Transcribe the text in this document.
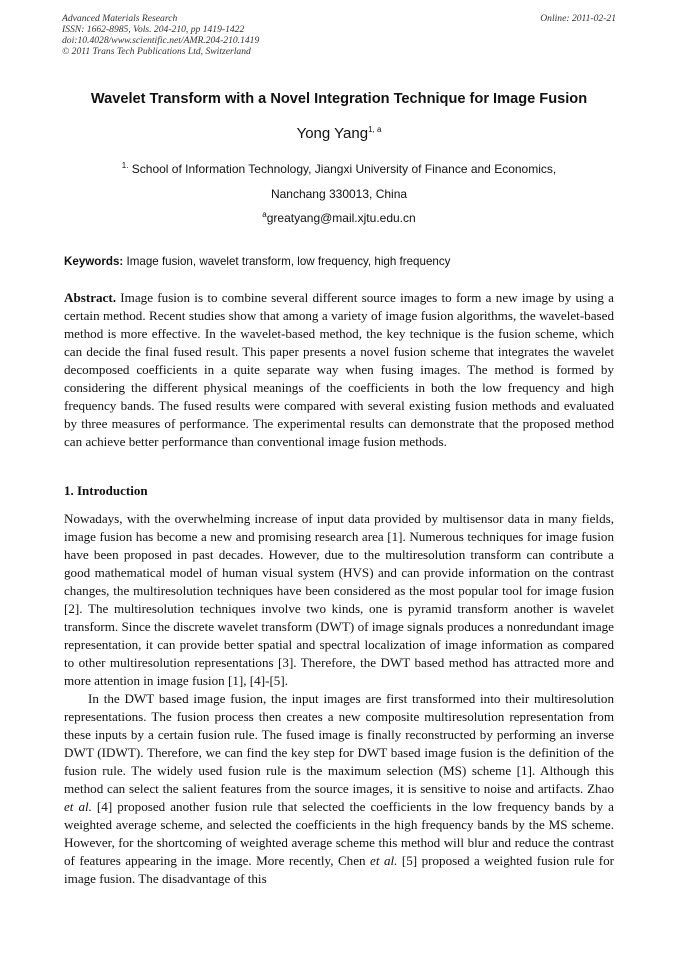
Advanced Materials Research
ISSN: 1662-8985, Vols. 204-210, pp 1419-1422
doi:10.4028/www.scientific.net/AMR.204-210.1419
© 2011 Trans Tech Publications Ltd, Switzerland
Online: 2011-02-21
Wavelet Transform with a Novel Integration Technique for Image Fusion
Yong Yang$^{1, a}$
$^{1.}$ School of Information Technology, Jiangxi University of Finance and Economics,
Nanchang 330013, China
$^a$greatyang@mail.xjtu.edu.cn
Keywords: Image fusion, wavelet transform, low frequency, high frequency

Abstract. Image fusion is to combine several different source images to form a new image by using a certain method. Recent studies show that among a variety of image fusion algorithms, the wavelet-based method is more effective. In the wavelet-based method, the key technique is the fusion scheme, which can decide the final fused result. This paper presents a novel fusion scheme that integrates the wavelet decomposed coefficients in a quite separate way when fusing images. The method is formed by considering the different physical meanings of the coefficients in both the low frequency and high frequency bands. The fused results were compared with several existing fusion methods and evaluated by three measures of performance. The experimental results can demonstrate that the proposed method can achieve better performance than conventional image fusion methods.

1. Introduction

Nowadays, with the overwhelming increase of input data provided by multisensor data in many fields, image fusion has become a new and promising research area [1]. Numerous techniques for image fusion have been proposed in past decades. However, due to the multiresolution transform can contribute a good mathematical model of human visual system (HVS) and can provide information on the contrast changes, the multiresolution techniques have been considered as the most popular tool for image fusion [2]. The multiresolution techniques involve two kinds, one is pyramid transform another is wavelet transform. Since the discrete wavelet transform (DWT) of image signals produces a nonredundant image representation, it can provide better spatial and spectral localization of image information as compared to other multiresolution representations [3]. Therefore, the DWT based method has attracted more and more attention in image fusion [1], [4]-[5].

In the DWT based image fusion, the input images are first transformed into their multiresolution representations. The fusion process then creates a new composite multiresolution representation from these inputs by a certain fusion rule. The fused image is finally reconstructed by performing an inverse DWT (IDWT). Therefore, we can find the key step for DWT based image fusion is the definition of the fusion rule. The widely used fusion rule is the maximum selection (MS) scheme [1]. Although this method can select the salient features from the source images, it is sensitive to noise and artifacts. Zhao et al. [4] proposed another fusion rule that selected the coefficients in the low frequency bands by a weighted average scheme, and selected the coefficients in the high frequency bands by the MS scheme. However, for the shortcoming of weighted average scheme this method will blur and reduce the contrast of features appearing in the image. More recently, Chen et al. [5] proposed a weighted fusion rule for image fusion. The disadvantage of this
